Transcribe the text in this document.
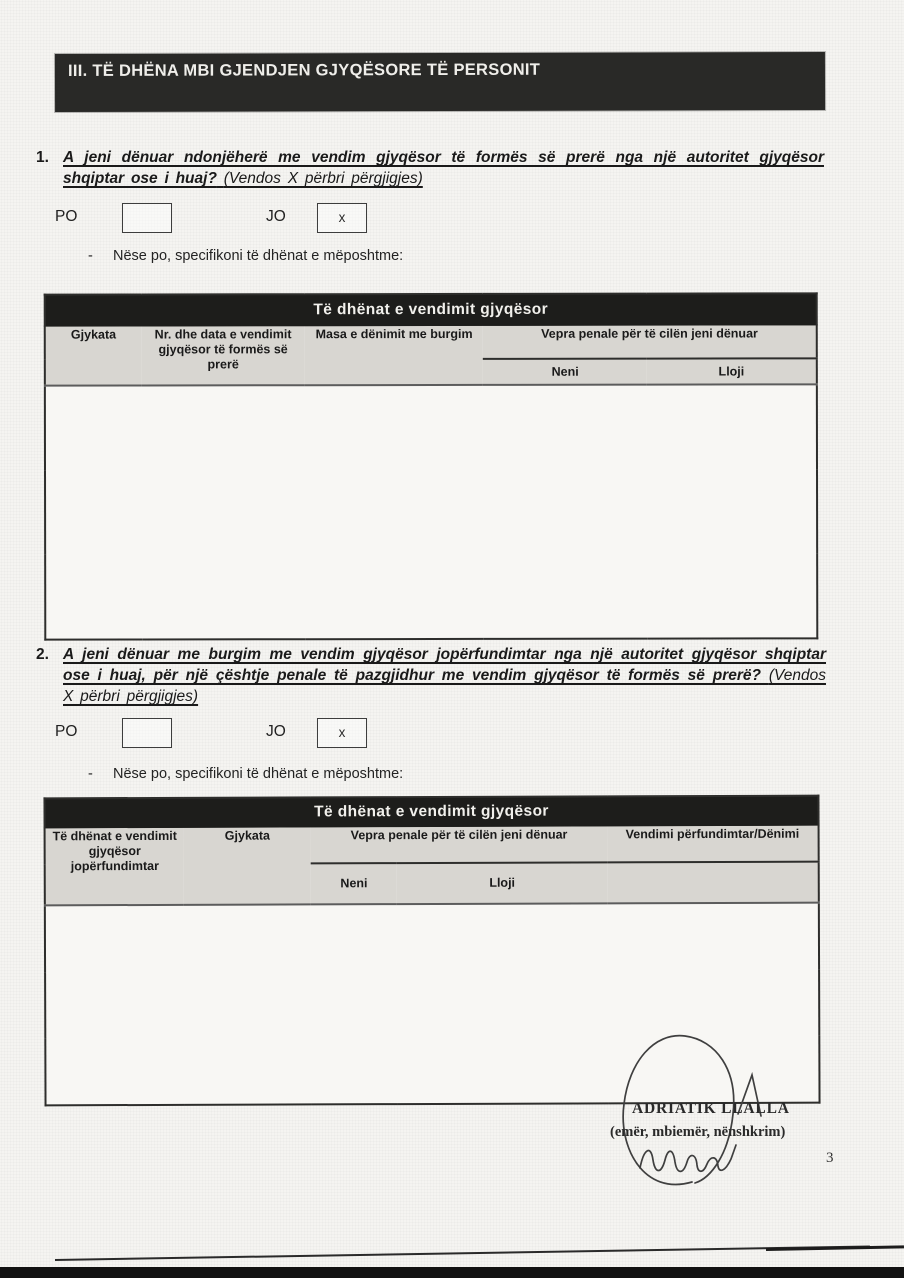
III. TË DHËNA MBI GJENDJEN GJYQËSORE TË PERSONIT
1. A jeni dënuar ndonjëherë me vendim gjyqësor të formës së prerë nga një autoritet gjyqësor shqiptar ose i huaj? (Vendos X përbri përgjigjes)

PO	JO	x
- Nëse po, specifikoni të dhënat e mëposhtme:
Të dhënat e vendimit gjyqësor				
Gjykata	Nr. dhe data e vendimit gjyqësor të formës së prerë	Masa e dënimit me burgim	Vepra penale për të cilën jeni dënuar	
			Neni	Lloji

2. A jeni dënuar me burgim me vendim gjyqësor jopërfundimtar nga një autoritet gjyqësor shqiptar ose i huaj, për një çështje penale të pazgjidhur me vendim gjyqësor të formës së prerë? (Vendos X përbri përgjigjes)

PO	JO	x
- Nëse po, specifikoni të dhënat e mëposhtme:
Të dhënat e vendimit gjyqësor				
Të dhënat e vendimit gjyqësor jopërfundimtar	Gjykata	Vepra penale për të cilën jeni dënuar		Vendimi përfundimtar/Dënimi
		Neni	Lloji	

ADRIATIK LLALLA
(emër, mbiemër, nënshkrim)
3
